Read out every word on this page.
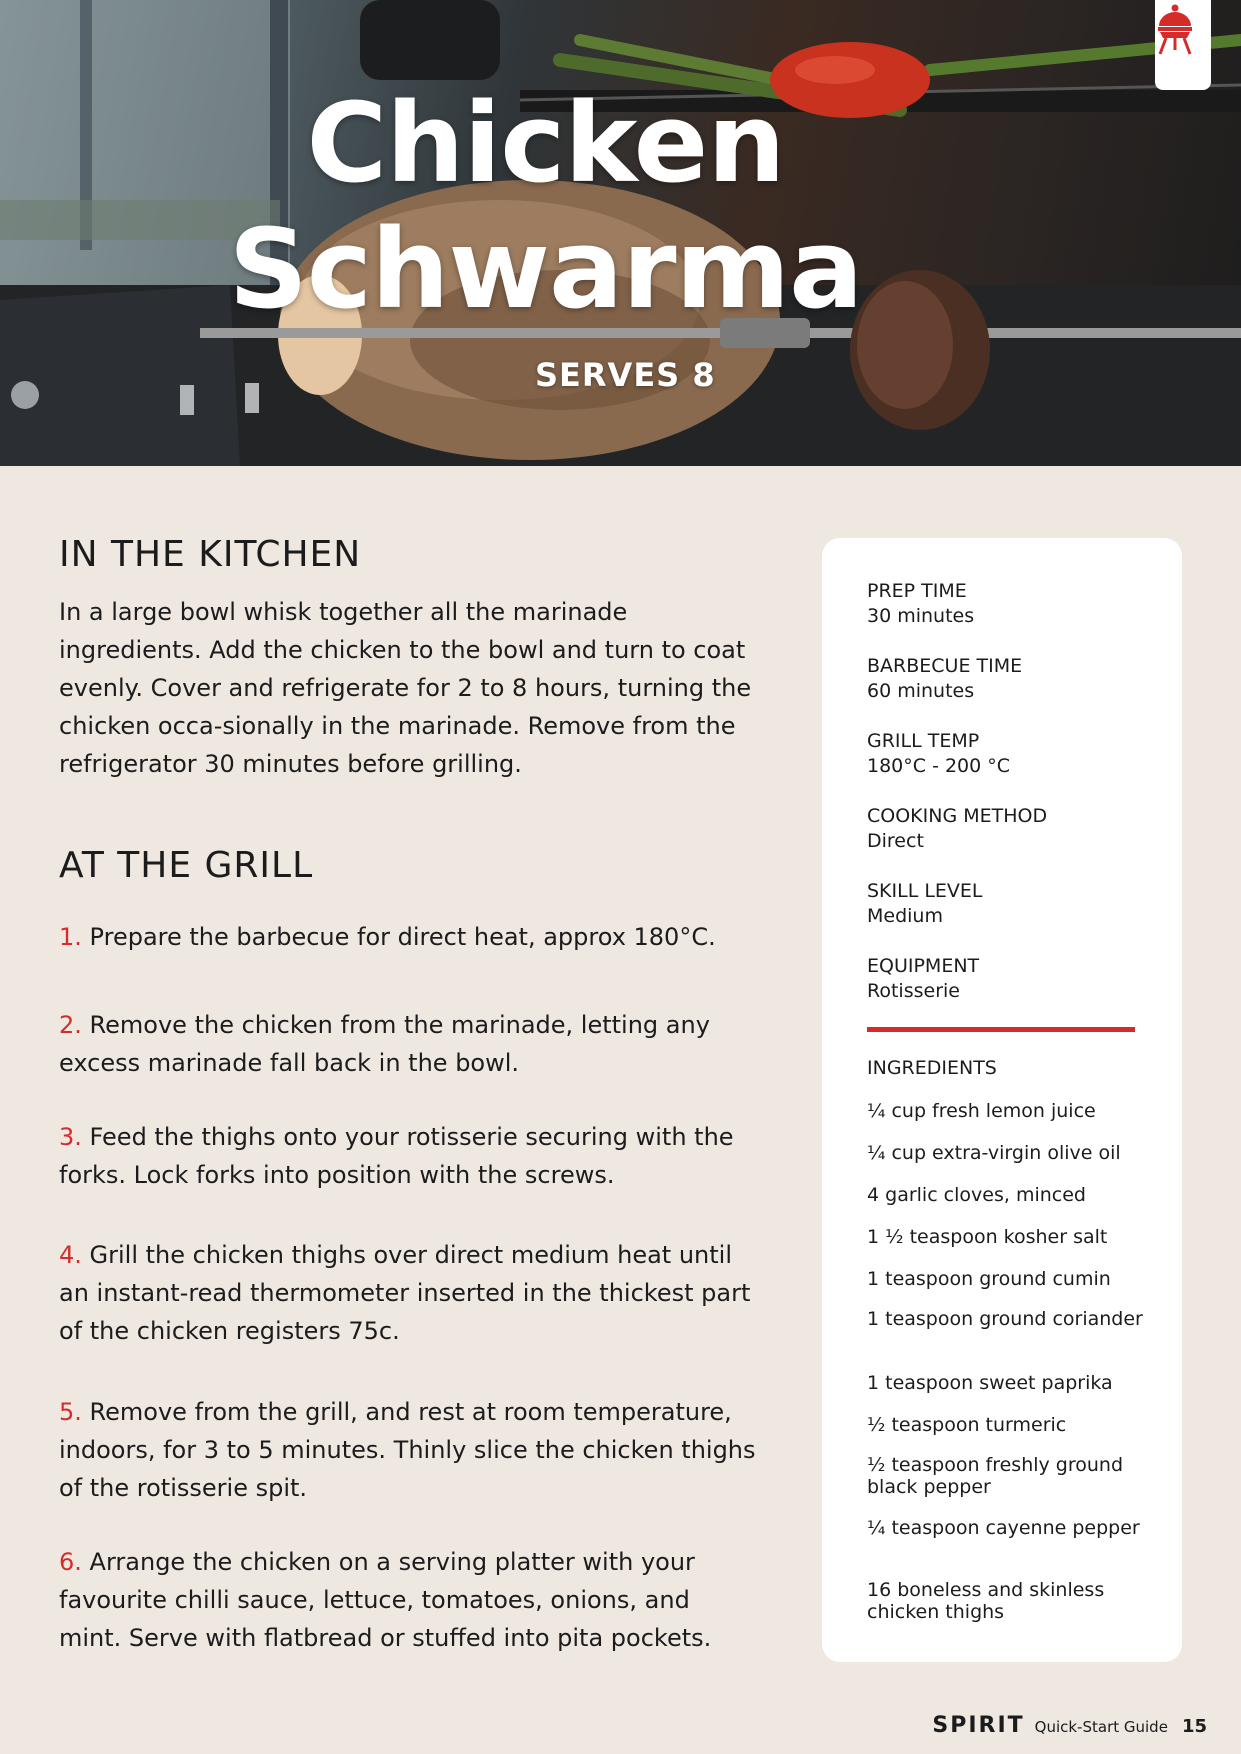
Chicken
Schwarma
SERVES 8
IN THE KITCHEN

In a large bowl whisk together all the marinade ingredients. Add the chicken to the bowl and turn to coat evenly. Cover and refrigerate for 2 to 8 hours, turning the chicken occa-sionally in the marinade. Remove from the refrigerator 30 minutes before grilling.

AT THE GRILL

1. Prepare the barbecue for direct heat, approx 180°C.

2. Remove the chicken from the marinade, letting any excess marinade fall back in the bowl.

3. Feed the thighs onto your rotisserie securing with the forks. Lock forks into position with the screws.

4. Grill the chicken thighs over direct medium heat until an instant-read thermometer inserted in the thickest part of the chicken registers 75c.

5. Remove from the grill, and rest at room temperature, indoors, for 3 to 5 minutes. Thinly slice the chicken thighs of the rotisserie spit.

6. Arrange the chicken on a serving platter with your favourite chilli sauce, lettuce, tomatoes, onions, and mint. Serve with flatbread or stuffed into pita pockets.

PREP TIME
30 minutes
BARBECUE TIME
60 minutes
GRILL TEMP
180°C - 200 °C
COOKING METHOD
Direct
SKILL LEVEL
Medium
EQUIPMENT
Rotisserie
INGREDIENTS
¼ cup fresh lemon juice
¼ cup extra-virgin olive oil
4 garlic cloves, minced
1 ½ teaspoon kosher salt
1 teaspoon ground cumin
1 teaspoon ground coriander
1 teaspoon sweet paprika
½ teaspoon turmeric
½ teaspoon freshly ground black pepper
¼ teaspoon cayenne pepper
16 boneless and skinless chicken thighs
SPIRIT Quick-Start Guide 15
